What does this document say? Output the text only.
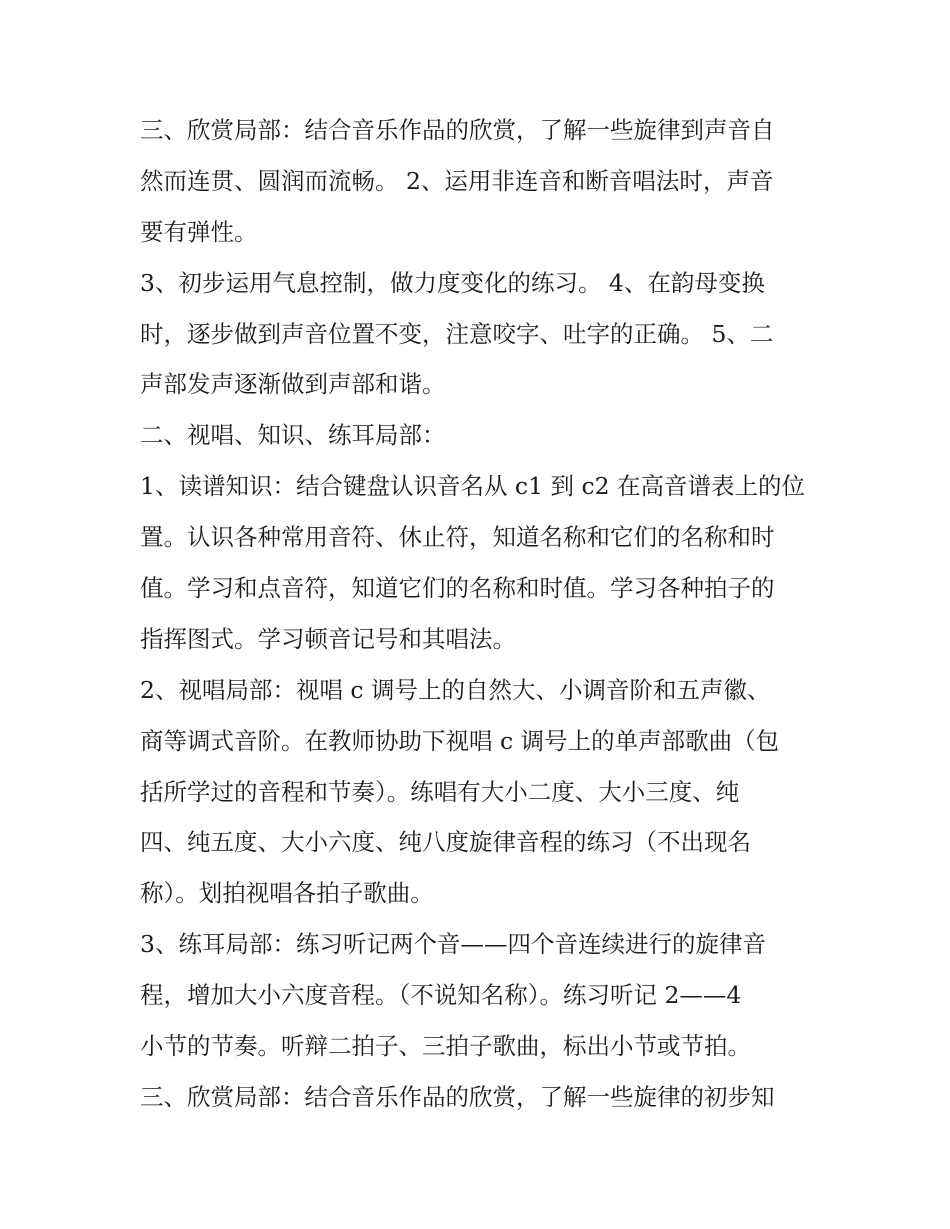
三、欣赏局部：结合音乐作品的欣赏，了解一些旋律到声音自
然而连贯、圆润而流畅。 2、运用非连音和断音唱法时，声音
要有弹性。
3、初步运用气息控制，做力度变化的练习。 4、在韵母变换
时，逐步做到声音位置不变，注意咬字、吐字的正确。 5、二
声部发声逐渐做到声部和谐。
二、视唱、知识、练耳局部：
1、读谱知识：结合键盘认识音名从 c1 到 c2 在高音谱表上的位
置。认识各种常用音符、休止符，知道名称和它们的名称和时
值。学习和点音符，知道它们的名称和时值。学习各种拍子的
指挥图式。学习顿音记号和其唱法。
2、视唱局部：视唱 c 调号上的自然大、小调音阶和五声徽、
商等调式音阶。在教师协助下视唱 c 调号上的单声部歌曲（包
括所学过的音程和节奏）。练唱有大小二度、大小三度、纯
四、纯五度、大小六度、纯八度旋律音程的练习（不出现名
称）。划拍视唱各拍子歌曲。
3、练耳局部：练习听记两个音——四个音连续进行的旋律音
程，增加大小六度音程。（不说知名称）。练习听记 2——4
小节的节奏。听辩二拍子、三拍子歌曲，标出小节或节拍。
三、欣赏局部：结合音乐作品的欣赏，了解一些旋律的初步知
